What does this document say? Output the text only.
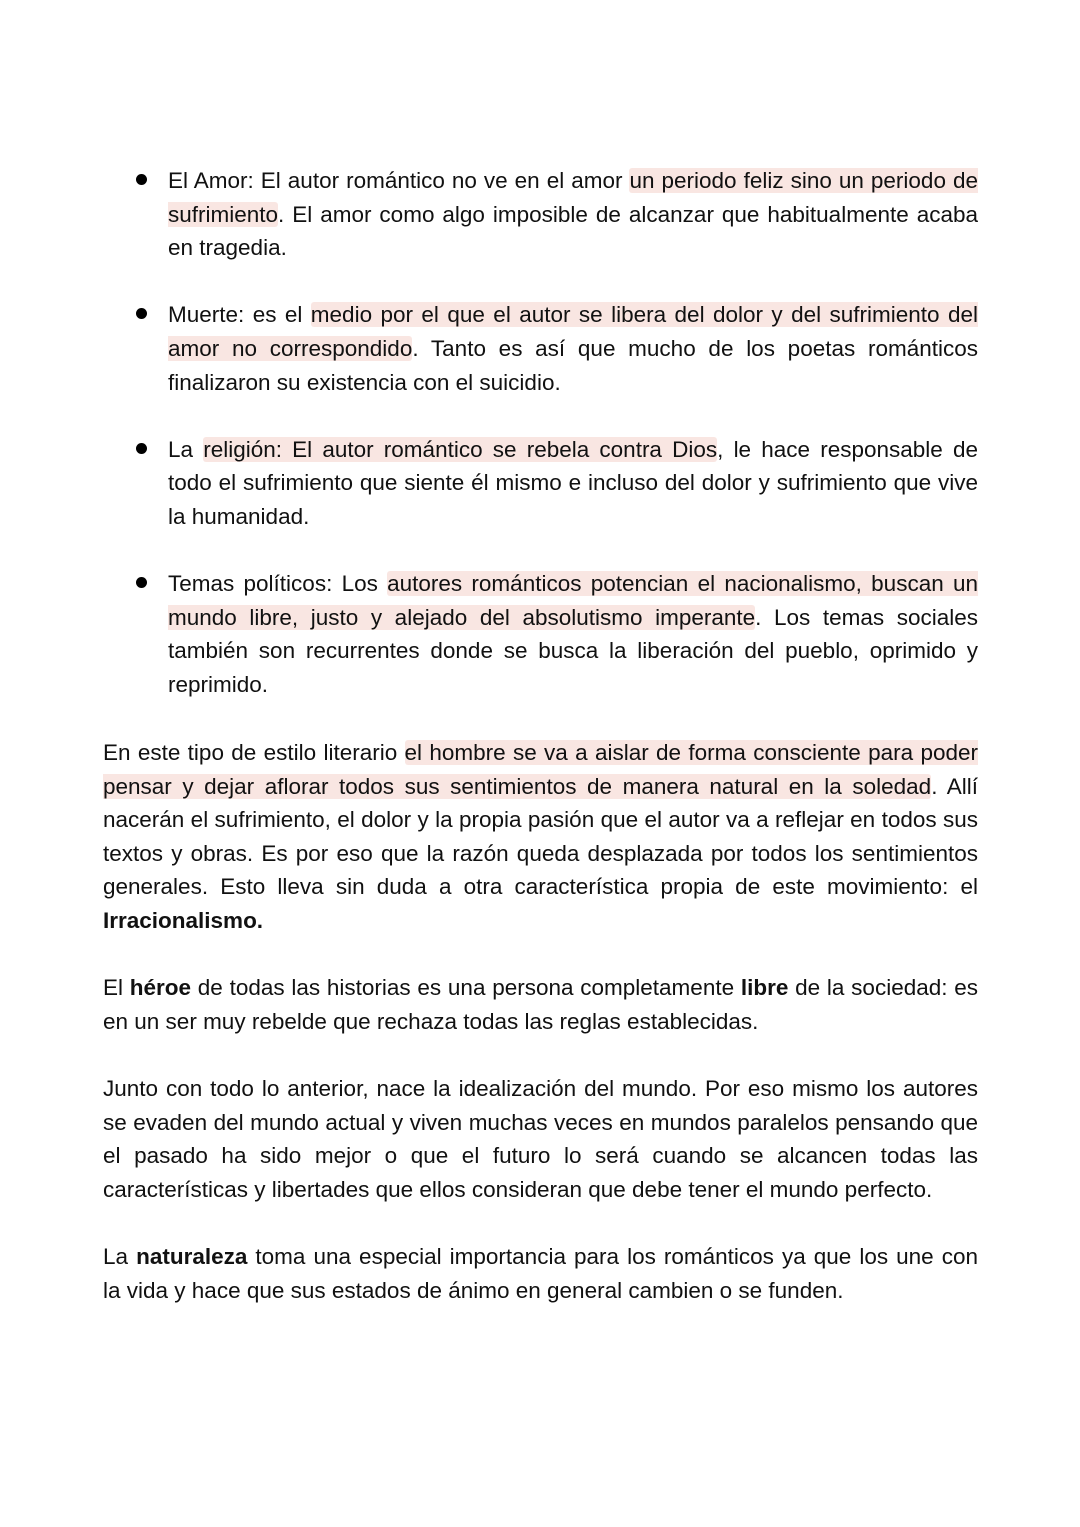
El Amor: El autor romántico no ve en el amor un periodo feliz sino un periodo de sufrimiento. El amor como algo imposible de alcanzar que habitualmente acaba en tragedia.
Muerte: es el medio por el que el autor se libera del dolor y del sufrimiento del amor no correspondido. Tanto es así que mucho de los poetas románticos finalizaron su existencia con el suicidio.
La religión: El autor romántico se rebela contra Dios, le hace responsable de todo el sufrimiento que siente él mismo e incluso del dolor y sufrimiento que vive la humanidad.
Temas políticos: Los autores románticos potencian el nacionalismo, buscan un mundo libre, justo y alejado del absolutismo imperante. Los temas sociales también son recurrentes donde se busca la liberación del pueblo, oprimido y reprimido.

En este tipo de estilo literario el hombre se va a aislar de forma consciente para poder pensar y dejar aflorar todos sus sentimientos de manera natural en la soledad. Allí nacerán el sufrimiento, el dolor y la propia pasión que el autor va a reflejar en todos sus textos y obras. Es por eso que la razón queda desplazada por todos los sentimientos generales. Esto lleva sin duda a otra característica propia de este movimiento: el Irracionalismo.

El héroe de todas las historias es una persona completamente libre de la sociedad: es en un ser muy rebelde que rechaza todas las reglas establecidas.

Junto con todo lo anterior, nace la idealización del mundo. Por eso mismo los autores se evaden del mundo actual y viven muchas veces en mundos paralelos pensando que el pasado ha sido mejor o que el futuro lo será cuando se alcancen todas las características y libertades que ellos consideran que debe tener el mundo perfecto.

La naturaleza toma una especial importancia para los románticos ya que los une con la vida y hace que sus estados de ánimo en general cambien o se funden.
